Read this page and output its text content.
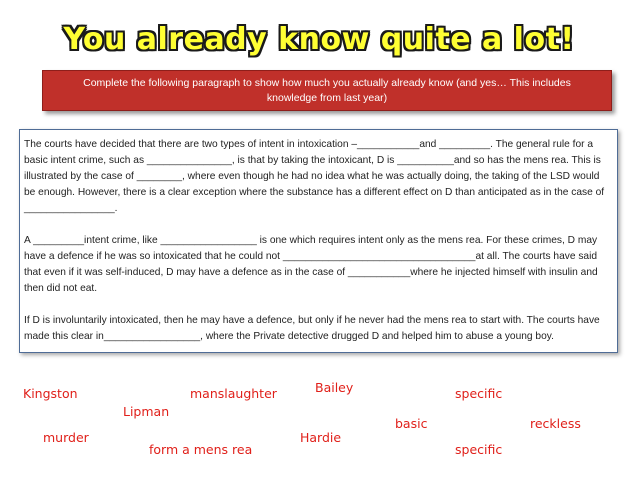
You already know quite a lot!
Complete the following paragraph to show how much you actually already know (and yes… This includes knowledge from last year)

The courts have decided that there are two types of intent in intoxication –___________and _________. The general rule for a basic intent crime, such as _______________, is that by taking the intoxicant, D is __________and so has the mens rea. This is illustrated by the case of ________, where even though he had no idea what he was actually doing, the taking of the LSD would be enough. However, there is a clear exception where the substance has a different effect on D than anticipated as in the case of ________________.

A _________intent crime, like _________________ is one which requires intent only as the mens rea. For these crimes, D may have a defence if he was so intoxicated that he could not __________________________________at all. The courts have said that even if it was self-induced, D may have a defence as in the case of ___________where he injected himself with insulin and then did not eat.

If D is involuntarily intoxicated, then he may have a defence, but only if he never had the mens rea to start with. The courts have made this clear in_________________, where the Private detective drugged D and helped him to abuse a young boy.

Kingston	manslaughter	Bailey	specific
Lipman
basic	reckless
murder	Hardie
form a mens rea	specific
